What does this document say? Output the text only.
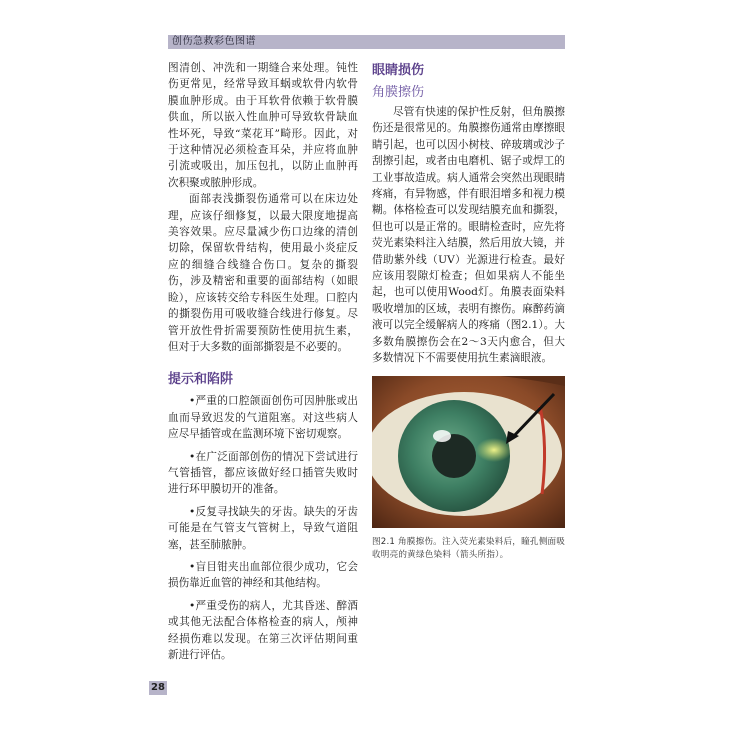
创伤急救彩色图谱

图清创、冲洗和一期缝合来处理。钝性伤更常见，经常导致耳蜗或软骨内软骨膜血肿形成。由于耳软骨依赖于软骨膜供血，所以嵌入性血肿可导致软骨缺血性坏死，导致“菜花耳”畸形。因此，对于这种情况必须检查耳朵，并应将血肿引流或吸出，加压包扎，以防止血肿再次积聚或脓肿形成。

面部表浅撕裂伤通常可以在床边处理，应该仔细修复，以最大限度地提高美容效果。应尽量减少伤口边缘的清创切除，保留软骨结构，使用最小炎症反应的细缝合线缝合伤口。复杂的撕裂伤，涉及精密和重要的面部结构（如眼睑），应该转交给专科医生处理。口腔内的撕裂伤用可吸收缝合线进行修复。尽管开放性骨折需要预防性使用抗生素，但对于大多数的面部撕裂是不必要的。

提示和陷阱

•严重的口腔颌面创伤可因肿胀或出血而导致迟发的气道阻塞。对这些病人应尽早插管或在监测环境下密切观察。

•在广泛面部创伤的情况下尝试进行气管插管，都应该做好经口插管失败时进行环甲膜切开的准备。

•反复寻找缺失的牙齿。缺失的牙齿可能是在气管支气管树上，导致气道阻塞，甚至肺脓肿。

•盲目钳夹出血部位很少成功，它会损伤靠近血管的神经和其他结构。

•严重受伤的病人，尤其昏迷、醉酒或其他无法配合体格检查的病人，颅神经损伤难以发现。在第三次评估期间重新进行评估。

眼睛损伤

角膜擦伤

尽管有快速的保护性反射，但角膜擦伤还是很常见的。角膜擦伤通常由摩擦眼睛引起，也可以因小树枝、碎玻璃或沙子刮擦引起，或者由电磨机、锯子或焊工的工业事故造成。病人通常会突然出现眼睛疼痛，有异物感，伴有眼泪增多和视力模糊。体格检查可以发现结膜充血和撕裂，但也可以是正常的。眼睛检查时，应先将荧光素染料注入结膜，然后用放大镜，并借助紫外线（UV）光源进行检查。最好应该用裂隙灯检查；但如果病人不能坐起，也可以使用Wood灯。角膜表面染料吸收增加的区域，表明有擦伤。麻醉药滴液可以完全缓解病人的疼痛（图2.1）。大多数角膜擦伤会在2～3天内愈合，但大多数情况下不需要使用抗生素滴眼液。

图2.1 角膜擦伤。注入荧光素染料后，瞳孔侧面吸收明亮的黄绿色染料（箭头所指）。
28
